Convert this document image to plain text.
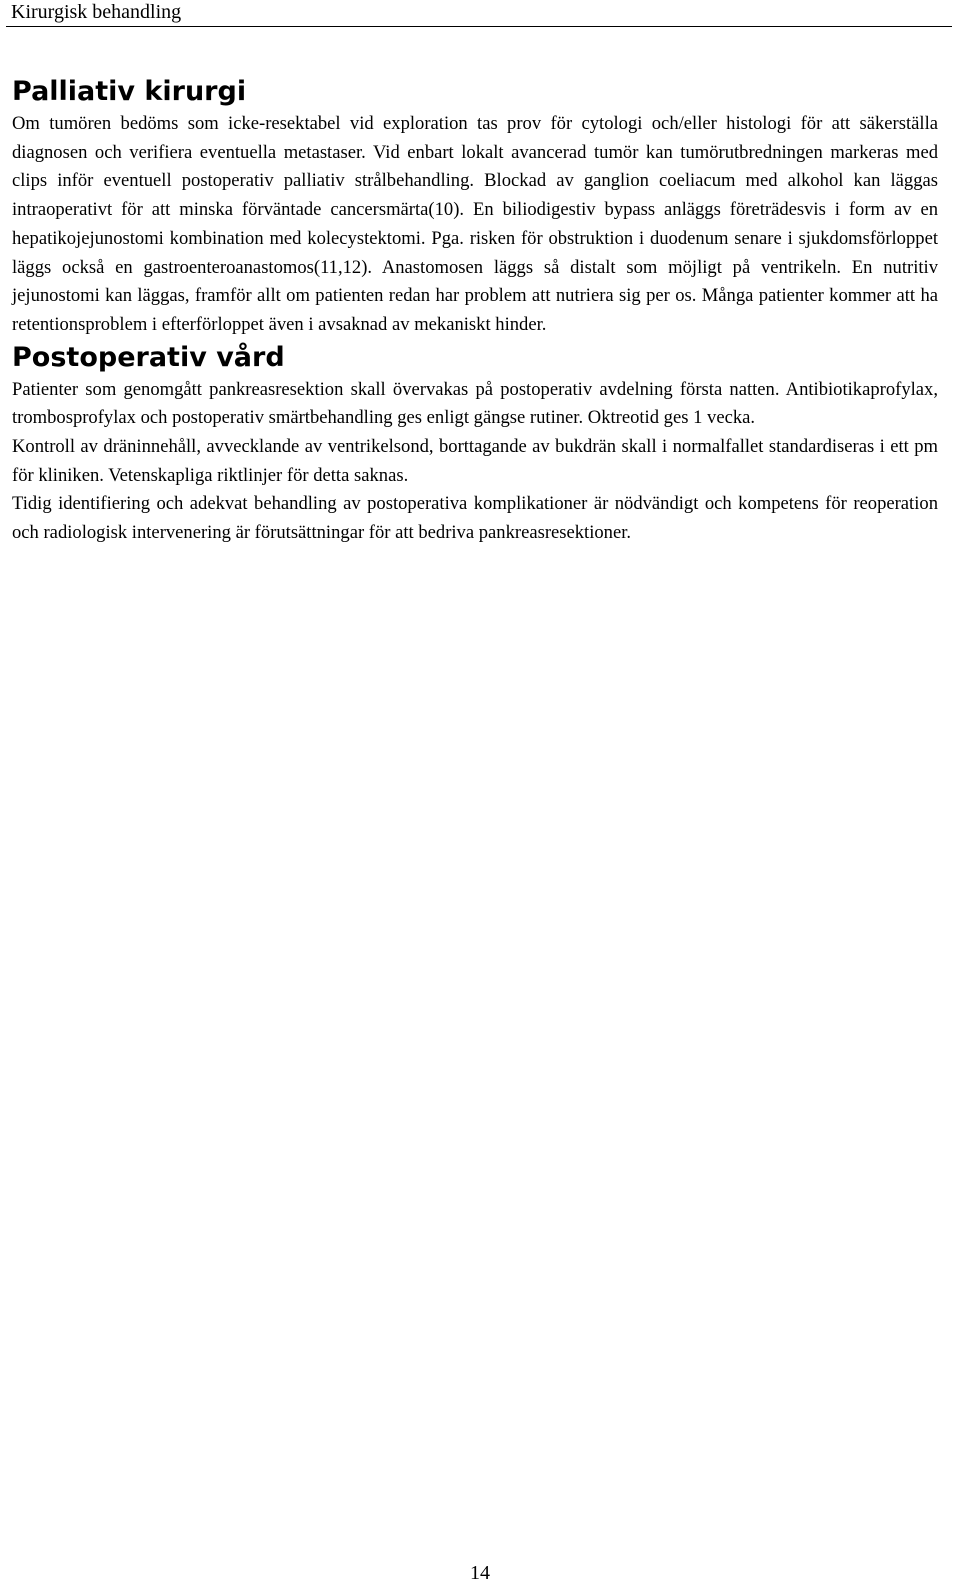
Kirurgisk behandling
Palliativ kirurgi

Om tumören bedöms som icke-resektabel vid exploration tas prov för cytologi och/eller histologi för att säkerställa diagnosen och verifiera eventuella metastaser. Vid enbart lokalt avancerad tumör kan tumörutbredningen markeras med clips inför eventuell postoperativ palliativ strålbehandling. Blockad av ganglion coeliacum med alkohol kan läggas intraoperativt för att minska förväntade cancersmärta(10). En biliodigestiv bypass anläggs företrädesvis i form av en hepatikojejunostomi kombination med kolecystektomi. Pga. risken för obstruktion i duodenum senare i sjukdomsförloppet läggs också en gastroenteroanastomos(11,12). Anastomosen läggs så distalt som möjligt på ventrikeln. En nutritiv jejunostomi kan läggas, framför allt om patienten redan har problem att nutriera sig per os. Många patienter kommer att ha retentionsproblem i efterförloppet även i avsaknad av mekaniskt hinder.

Postoperativ vård

Patienter som genomgått pankreasresektion skall övervakas på postoperativ avdelning första natten. Antibiotikaprofylax, trombosprofylax och postoperativ smärtbehandling ges enligt gängse rutiner. Oktreotid ges 1 vecka.

Kontroll av dräninnehåll, avvecklande av ventrikelsond, borttagande av bukdrän skall i normalfallet standardiseras i ett pm för kliniken. Vetenskapliga riktlinjer för detta saknas.

Tidig identifiering och adekvat behandling av postoperativa komplikationer är nödvändigt och kompetens för reoperation och radiologisk intervenering är förutsättningar för att bedriva pankreasresektioner.

14
